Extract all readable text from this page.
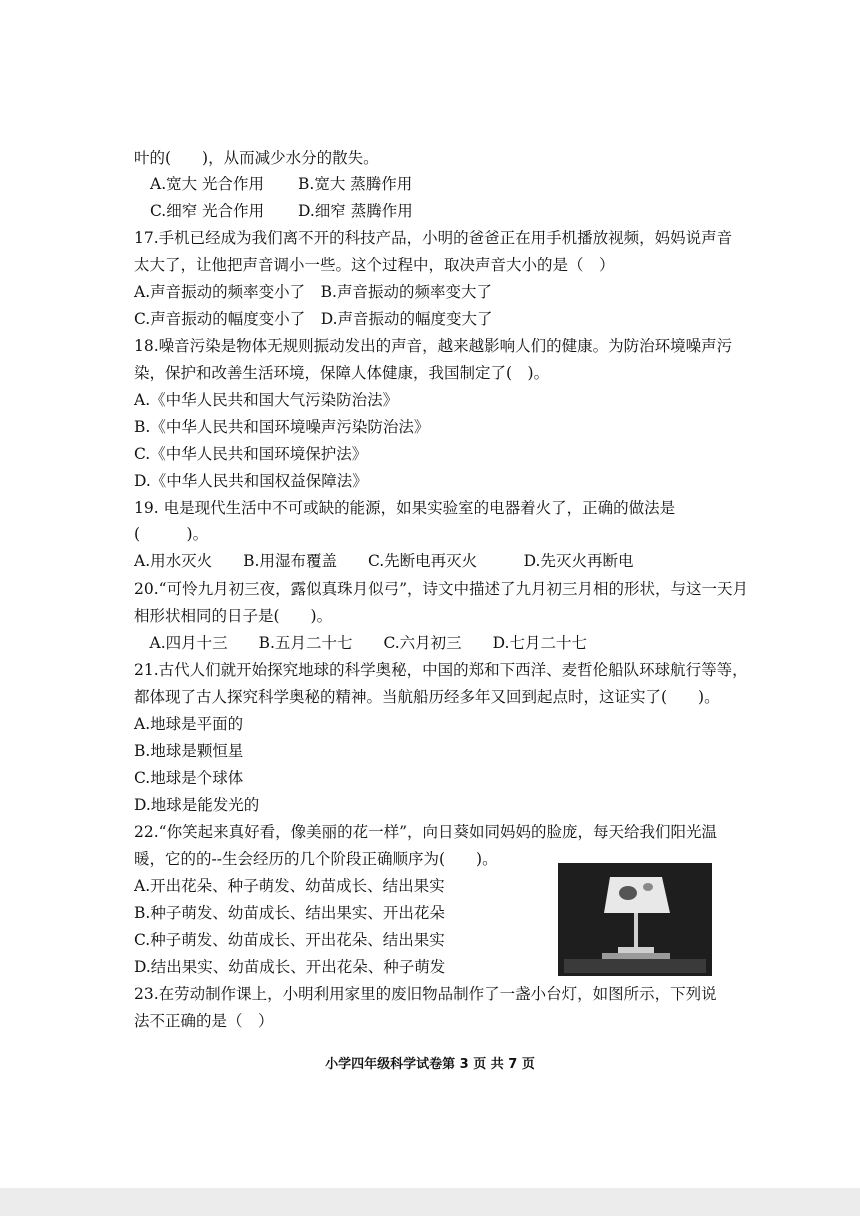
叶的(　　)，从而减少水分的散失。
A.宽大 光合作用 B.宽大 蒸腾作用
C.细窄 光合作用 D.细窄 蒸腾作用
17.手机已经成为我们离不开的科技产品，小明的爸爸正在用手机播放视频，妈妈说声音
太大了，让他把声音调小一些。这个过程中，取决声音大小的是（　）
A.声音振动的频率变小了　B.声音振动的频率变大了
C.声音振动的幅度变小了　D.声音振动的幅度变大了
18.噪音污染是物体无规则振动发出的声音，越来越影响人们的健康。为防治环境噪声污
染，保护和改善生活环境，保障人体健康，我国制定了(　)。
A.《中华人民共和国大气污染防治法》
B.《中华人民共和国环境噪声污染防治法》
C.《中华人民共和国环境保护法》
D.《中华人民共和国权益保障法》
19. 电是现代生活中不可或缺的能源，如果实验室的电器着火了，正确的做法是
(　　　)。
A.用水灭火　　B.用湿布覆盖　　C.先断电再灭火　　　D.先灭火再断电
20.“可怜九月初三夜，露似真珠月似弓”，诗文中描述了九月初三月相的形状，与这一天月
相形状相同的日子是(　　)。
　A.四月十三　　B.五月二十七　　C.六月初三　　D.七月二十七
21.古代人们就开始探究地球的科学奥秘，中国的郑和下西洋、麦哲伦船队环球航行等等，
都体现了古人探究科学奥秘的精神。当航船历经多年又回到起点时，这证实了(　　)。
A.地球是平面的
B.地球是颗恒星
C.地球是个球体
D.地球是能发光的
22.“你笑起来真好看，像美丽的花一样”，向日葵如同妈妈的脸庞，每天给我们阳光温
暖，它的的--生会经历的几个阶段正确顺序为(　　)。
A.开出花朵、种子萌发、幼苗成长、结出果实
B.种子萌发、幼苗成长、结出果实、开出花朵
C.种子萌发、幼苗成长、开出花朵、结出果实
D.结出果实、幼苗成长、开出花朵、种子萌发
23.在劳动制作课上，小明利用家里的废旧物品制作了一盏小台灯，如图所示，下列说
法不正确的是（　）
小学四年级科学试卷第 3 页 共 7 页
